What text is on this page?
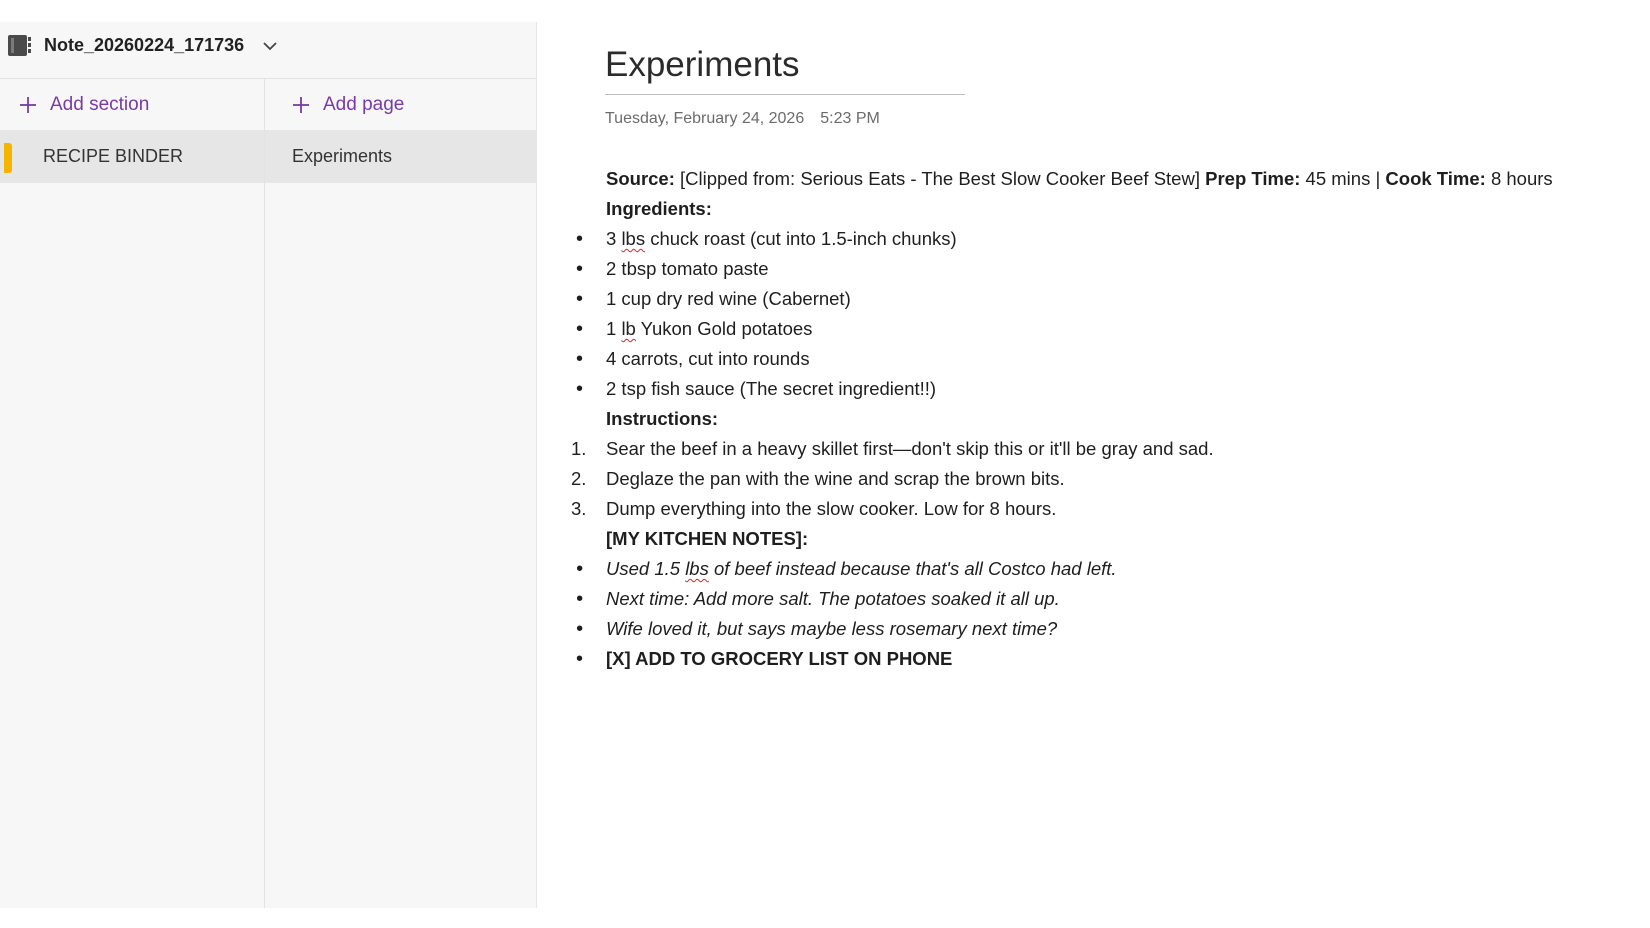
Note_20260224_171736
Add section	Add page
RECIPE BINDER	Experiments
Experiments
Tuesday, February 24, 2026 5:23 PM

Source: [Clipped from: Serious Eats - The Best Slow Cooker Beef Stew] Prep Time: 45 mins | Cook Time: 8 hours

Ingredients:

• 3 lbs chuck roast (cut into 1.5-inch chunks)
• 2 tbsp tomato paste
• 1 cup dry red wine (Cabernet)
• 1 lb Yukon Gold potatoes
• 4 carrots, cut into rounds
• 2 tsp fish sauce (The secret ingredient!!)

Instructions:

1. Sear the beef in a heavy skillet first—don't skip this or it'll be gray and sad.
2. Deglaze the pan with the wine and scrap the brown bits.
3. Dump everything into the slow cooker. Low for 8 hours.

[MY KITCHEN NOTES]:

• Used 1.5 lbs of beef instead because that's all Costco had left.
• Next time: Add more salt. The potatoes soaked it all up.
• Wife loved it, but says maybe less rosemary next time?
• [X] ADD TO GROCERY LIST ON PHONE
